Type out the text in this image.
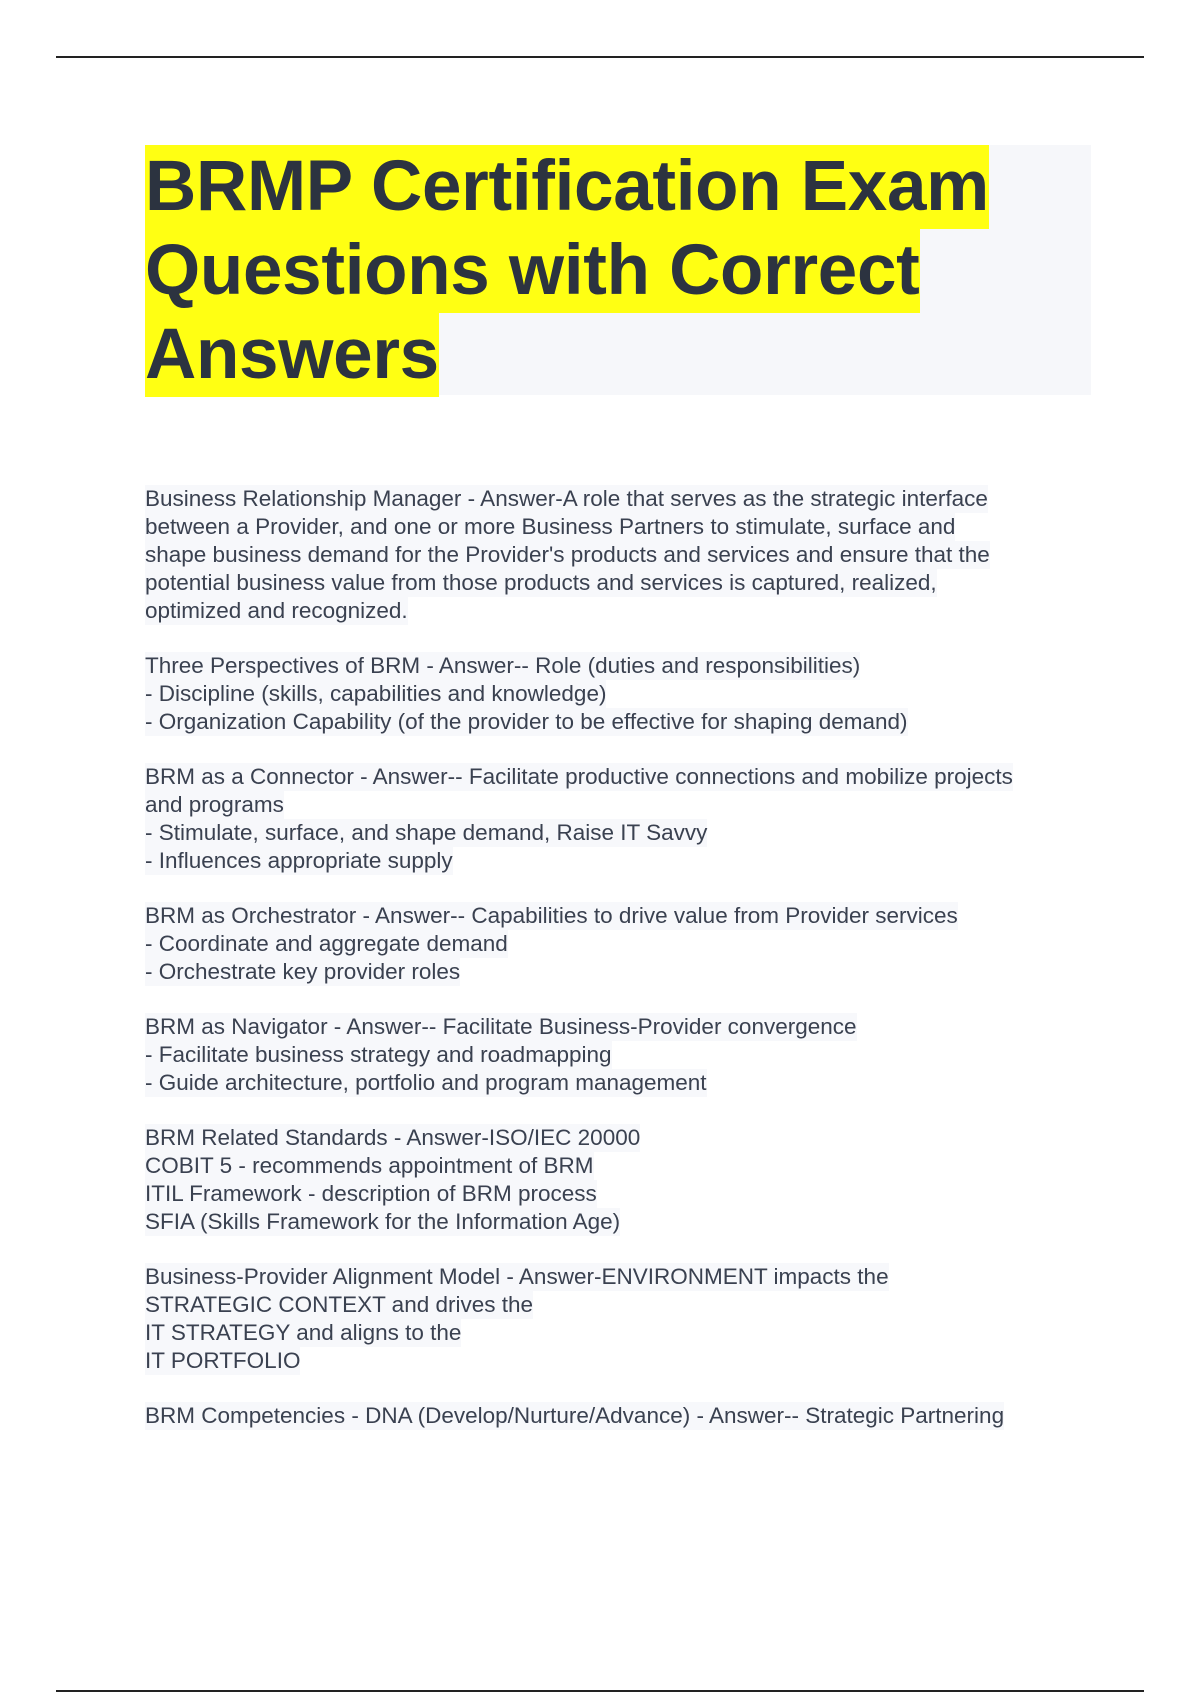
BRMP Certification Exam
Questions with Correct
Answers
Business Relationship Manager - Answer-A role that serves as the strategic interface
between a Provider, and one or more Business Partners to stimulate, surface and
shape business demand for the Provider's products and services and ensure that the
potential business value from those products and services is captured, realized,
optimized and recognized.
Three Perspectives of BRM - Answer-- Role (duties and responsibilities)
- Discipline (skills, capabilities and knowledge)
- Organization Capability (of the provider to be effective for shaping demand)
BRM as a Connector - Answer-- Facilitate productive connections and mobilize projects
and programs
- Stimulate, surface, and shape demand, Raise IT Savvy
- Influences appropriate supply
BRM as Orchestrator - Answer-- Capabilities to drive value from Provider services
- Coordinate and aggregate demand
- Orchestrate key provider roles
BRM as Navigator - Answer-- Facilitate Business-Provider convergence
- Facilitate business strategy and roadmapping
- Guide architecture, portfolio and program management
BRM Related Standards - Answer-ISO/IEC 20000
COBIT 5 - recommends appointment of BRM
ITIL Framework - description of BRM process
SFIA (Skills Framework for the Information Age)
Business-Provider Alignment Model - Answer-ENVIRONMENT impacts the
STRATEGIC CONTEXT and drives the
IT STRATEGY and aligns to the
IT PORTFOLIO
BRM Competencies - DNA (Develop/Nurture/Advance) - Answer-- Strategic Partnering
